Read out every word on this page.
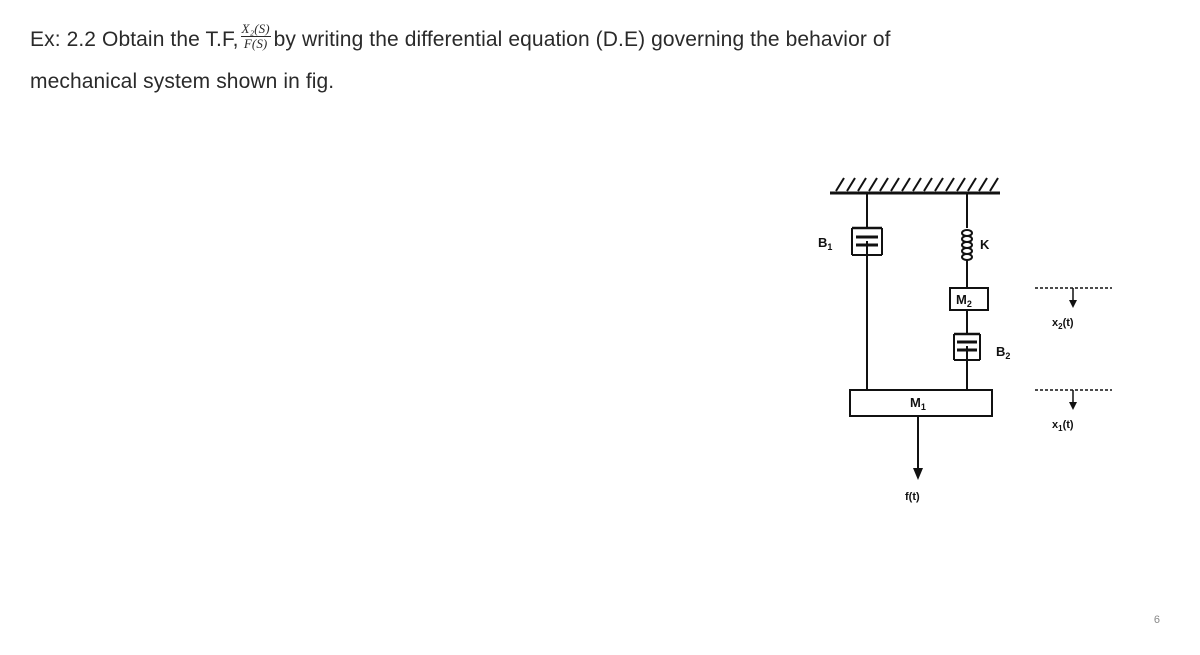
Ex: 2.2 Obtain the T.F, $\frac{\text{X₂(S)}}{F(S)}$ by writing the differential equation (D.E) governing the behavior of
mechanical system shown in fig.
$B_1$	K
$M_2$
$B_2$
$M_1$
f(t)
$x_2(t)$
$x_1(t)$
6
